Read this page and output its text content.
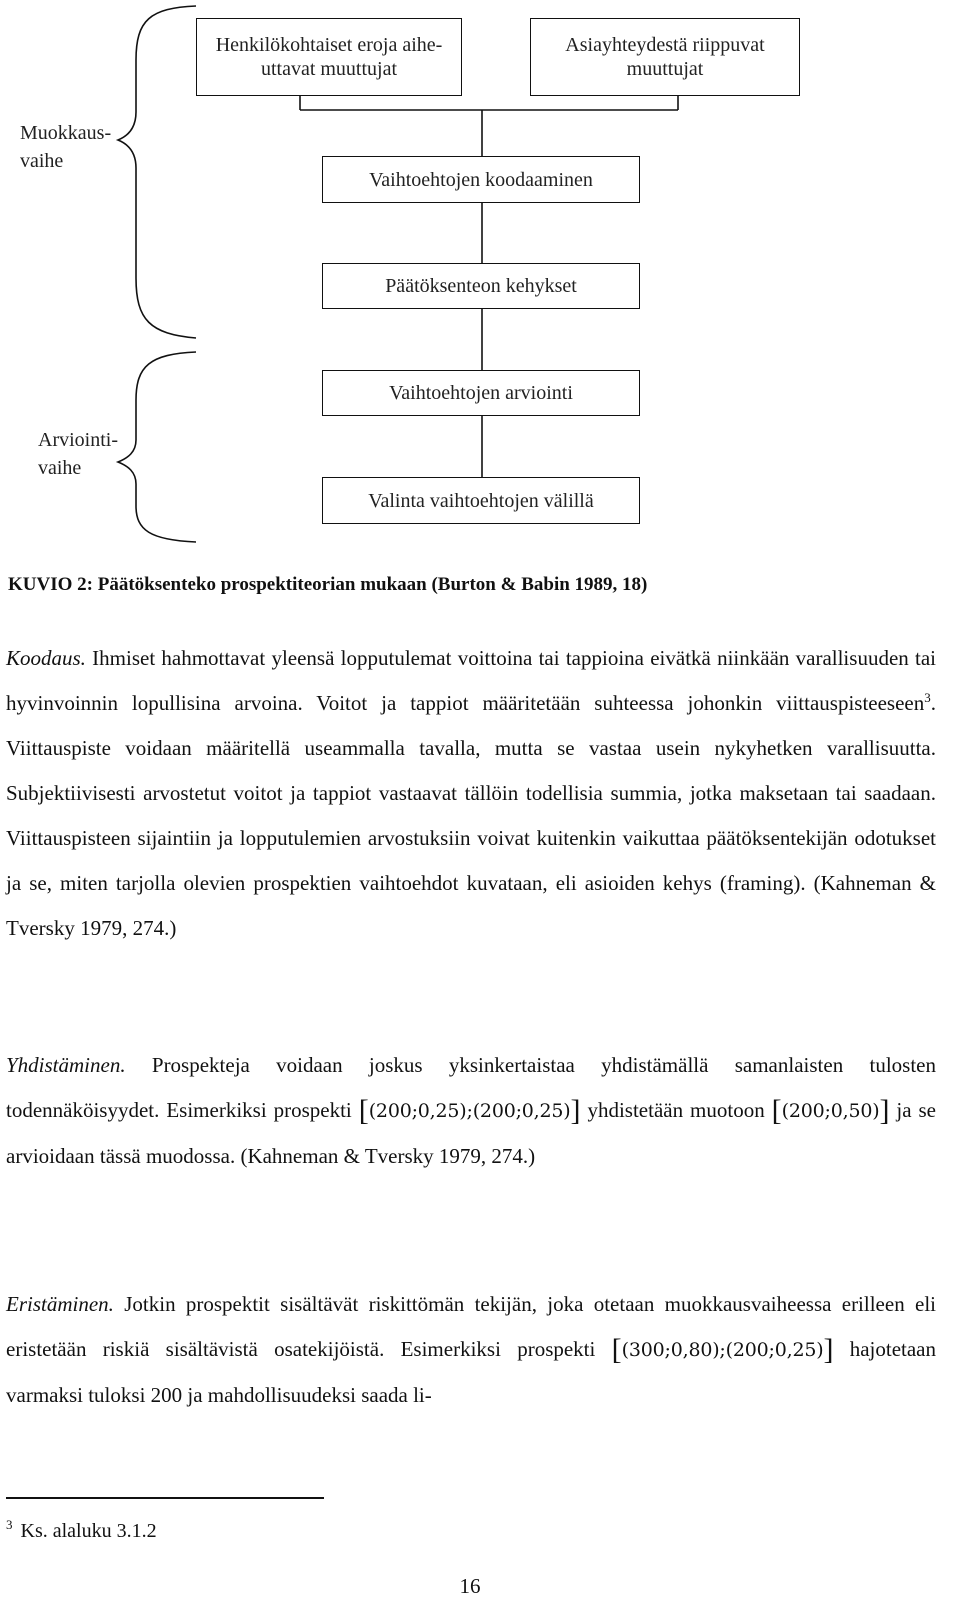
Muokkaus-
vaihe
Arviointi-
vaihe
Henkilökohtaiset eroja aihe-
uttavat muuttujat
Asiayhteydestä riippuvat
muuttujat
Vaihtoehtojen koodaaminen
Päätöksenteon kehykset
Vaihtoehtojen arviointi
Valinta vaihtoehtojen välillä
KUVIO 2: Päätöksenteko prospektiteorian mukaan (Burton & Babin 1989, 18)

Koodaus. Ihmiset hahmottavat yleensä lopputulemat voittoina tai tappioina eivätkä niinkään varallisuuden tai hyvinvoinnin lopullisina arvoina. Voitot ja tappiot määritetään suhteessa johonkin viittauspisteeseen$^3$. Viittauspiste voidaan määritellä useammalla tavalla, mutta se vastaa usein nykyhetken varallisuutta. Subjektiivisesti arvostetut voitot ja tappiot vastaavat tällöin todellisia summia, jotka maksetaan tai saadaan. Viittauspisteen sijaintiin ja lopputulemien arvostuksiin voivat kuitenkin vaikuttaa päätöksentekijän odotukset ja se, miten tarjolla olevien prospektien vaihtoehdot kuvataan, eli asioiden kehys (framing). (Kahneman & Tversky 1979, 274.)

Yhdistäminen. Prospekteja voidaan joskus yksinkertaistaa yhdistämällä samanlaisten tulosten todennäköisyydet. Esimerkiksi prospekti [(200;0,25);(200;0,25)] yhdistetään muotoon [(200;0,50)] ja se arvioidaan tässä muodossa. (Kahneman & Tversky 1979, 274.)

Eristäminen. Jotkin prospektit sisältävät riskittömän tekijän, joka otetaan muokkausvaiheessa erilleen eli eristetään riskiä sisältävistä osatekijöistä. Esimerkiksi prospekti [(300;0,80);(200;0,25)] hajotetaan varmaksi tuloksi 200 ja mahdollisuudeksi saada li-

$^3$ Ks. alaluku 3.1.2
16
